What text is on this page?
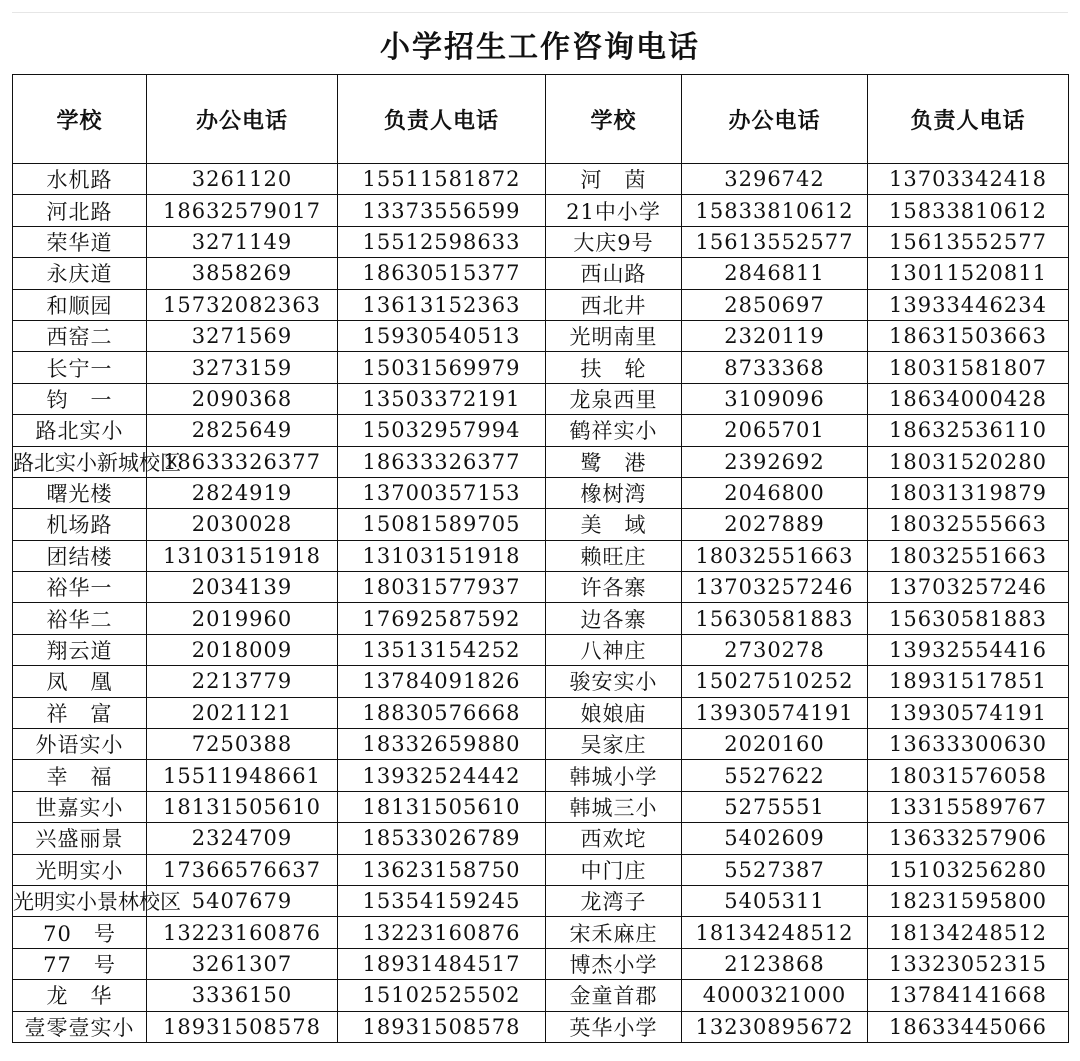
小学招生工作咨询电话
学校	办公电话	负责人电话	学校	办公电话	负责人电话
水机路	3261120	15511581872	河　茵	3296742	13703342418
河北路	18632579017	13373556599	21中小学	15833810612	15833810612
荣华道	3271149	15512598633	大庆9号	15613552577	15613552577
永庆道	3858269	18630515377	西山路	2846811	13011520811
和顺园	15732082363	13613152363	西北井	2850697	13933446234
西窑二	3271569	15930540513	光明南里	2320119	18631503663
长宁一	3273159	15031569979	扶　轮	8733368	18031581807
钧　一	2090368	13503372191	龙泉西里	3109096	18634000428
路北实小	2825649	15032957994	鹤祥实小	2065701	18632536110
路北实小新城校区	18633326377	18633326377	鹭　港	2392692	18031520280
曙光楼	2824919	13700357153	橡树湾	2046800	18031319879
机场路	2030028	15081589705	美　域	2027889	18032555663
团结楼	13103151918	13103151918	赖旺庄	18032551663	18032551663
裕华一	2034139	18031577937	许各寨	13703257246	13703257246
裕华二	2019960	17692587592	边各寨	15630581883	15630581883
翔云道	2018009	13513154252	八神庄	2730278	13932554416
凤　凰	2213779	13784091826	骏安实小	15027510252	18931517851
祥　富	2021121	18830576668	娘娘庙	13930574191	13930574191
外语实小	7250388	18332659880	吴家庄	2020160	13633300630
幸　福	15511948661	13932524442	韩城小学	5527622	18031576058
世嘉实小	18131505610	18131505610	韩城三小	5275551	13315589767
兴盛丽景	2324709	18533026789	西欢坨	5402609	13633257906
光明实小	17366576637	13623158750	中门庄	5527387	15103256280
光明实小景林校区	5407679	15354159245	龙湾子	5405311	18231595800
70　号	13223160876	13223160876	宋禾麻庄	18134248512	18134248512
77　号	3261307	18931484517	博杰小学	2123868	13323052315
龙　华	3336150	15102525502	金童首郡	4000321000	13784141668
壹零壹实小	18931508578	18931508578	英华小学	13230895672	18633445066
